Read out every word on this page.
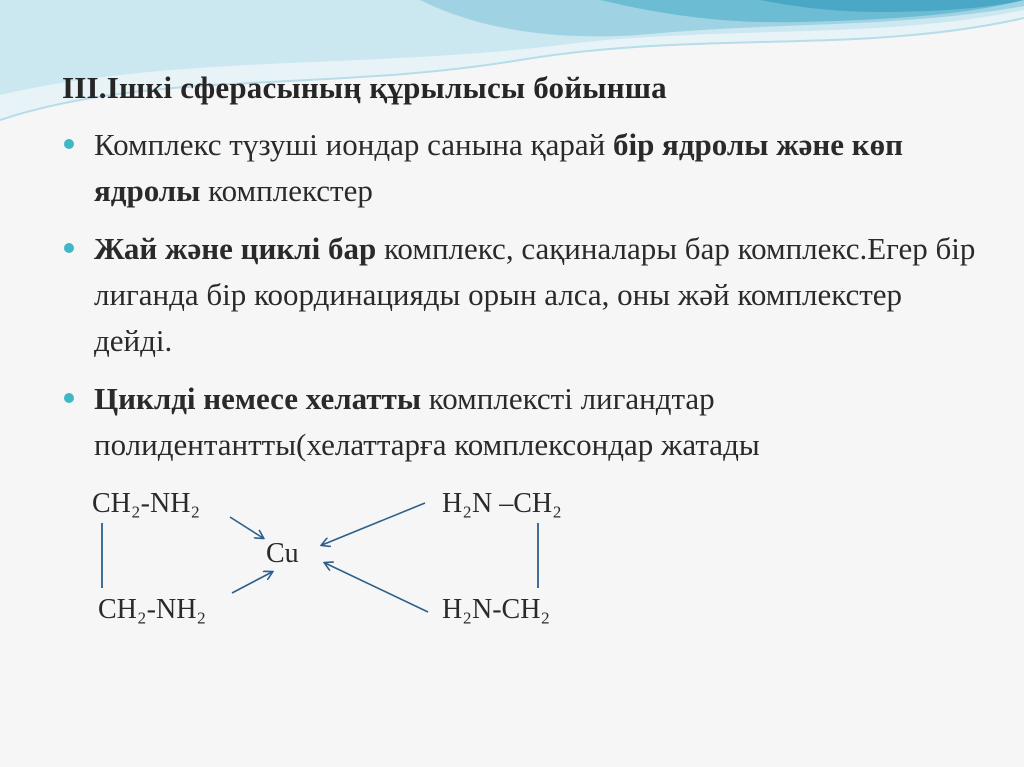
III.Ішкі сферасының құрылысы бойынша
Комплекс түзуші иондар санына қарай бір ядролы және көп ядролы комплекстер
Жай және циклі бар комплекс, сақиналары бар комплекс.Егер бір лиганда бір координацияды орын алса, оны жәй комплекстер дейді.
Циклді немесе хелатты комплексті лигандтар полидентантты(хелаттарға комплексондар жатады
CH₂-NH₂	H₂N –CH₂
Cu
CH₂-NH₂	H₂N-CH₂
